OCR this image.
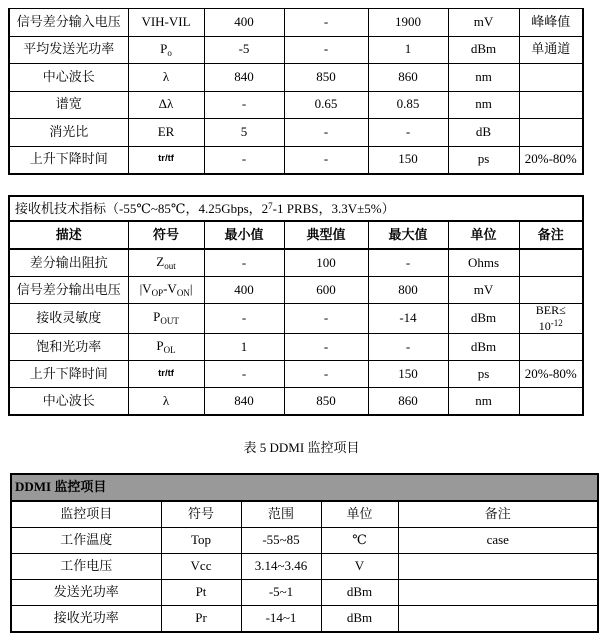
信号差分输入电压	VIH-VIL	400	-	1900	mV	峰峰值
平均发送光功率	$P_o$	-5	-	1	dBm	单通道
中心波长	λ	840	850	860	nm	
谱宽	Δλ	-	0.65	0.85	nm	
消光比	ER	5	-	-	dB	
上升下降时间	tr/tf	-	-	150	ps	20%-80%
接收机技术指标（-55℃~85℃，4.25Gbps，$2^7-1$ PRBS，3.3V±5%）						
描述	符号	最小值	典型值	最大值	单位	备注
差分输出阻抗	$Z_{out}$	-	100	-	Ohms	
信号差分输出电压	$|V_{OP}-V_{ON}|$	400	600	800	mV	
接收灵敏度	$P_{OUT}$	-	-	-14	dBm	BER≤
$10^{-12}$
饱和光功率	$P_{OL}$	1	-	-	dBm	
上升下降时间	tr/tf	-	-	150	ps	20%-80%
中心波长	λ	840	850	860	nm	
表 5 DDMI 监控项目
DDMI 监控项目				
监控项目	符号	范围	单位	备注
工作温度	Top	-55~85	℃	case
工作电压	Vcc	3.14~3.46	V	
发送光功率	Pt	-5~1	dBm	
接收光功率	Pr	-14~1	dBm	
